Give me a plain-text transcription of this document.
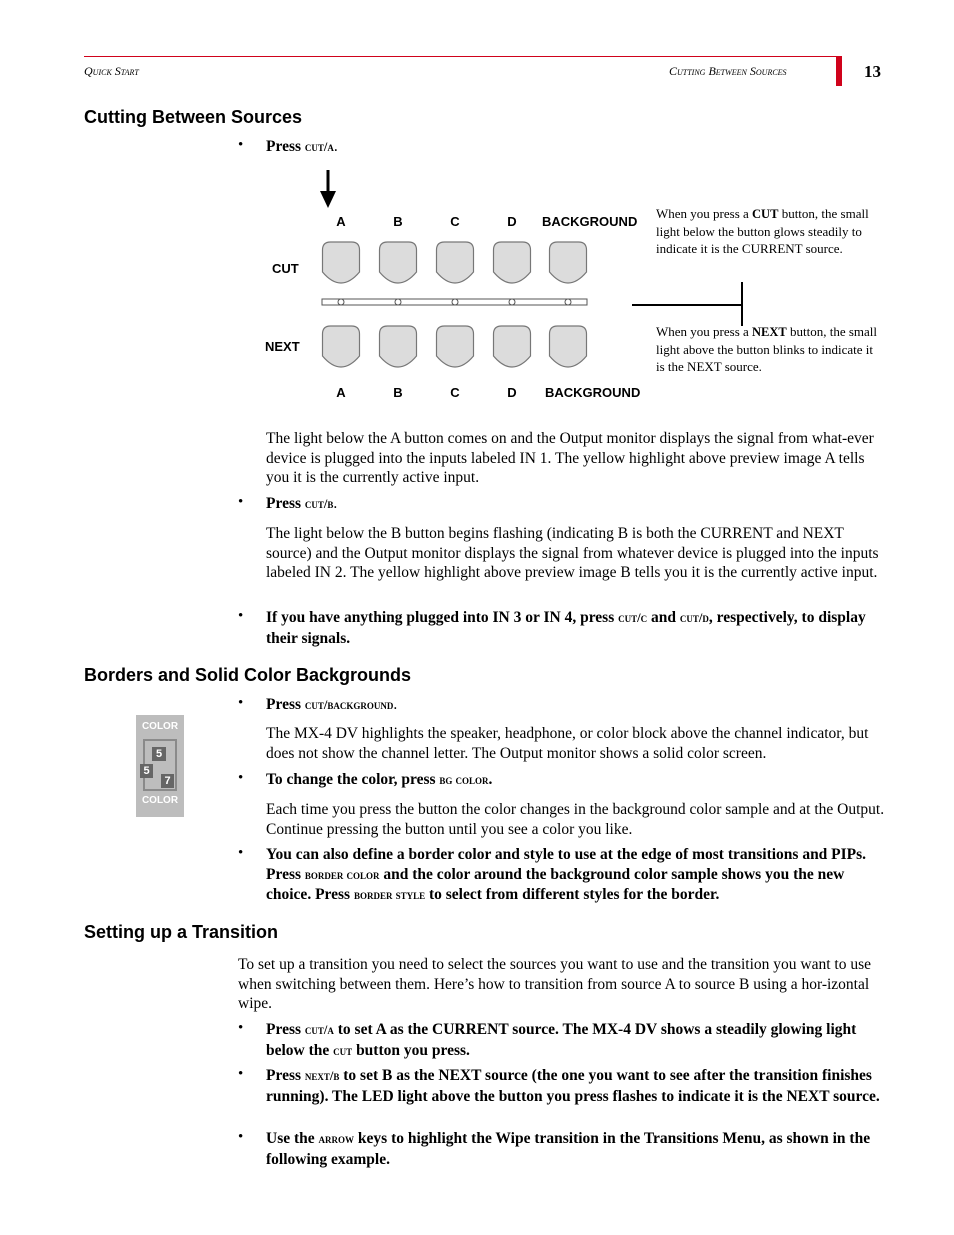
Quick Start	Cutting Between Sources	13
Cutting Between Sources
• Press cut/a.
A	B	C	D BACKGROUND
A	B	C	D BACKGROUND
CUT
NEXT
When you press a CUT button, the small light below the button glows steadily to indicate it is the CURRENT source.
When you press a NEXT button, the small light above the button blinks to indicate it is the NEXT source.
The light below the A button comes on and the Output monitor displays the signal from what-ever device is plugged into the inputs labeled IN 1. The yellow highlight above preview image A tells you it is the currently active input.
• Press cut/b.
The light below the B button begins flashing (indicating B is both the CURRENT and NEXT source) and the Output monitor displays the signal from whatever device is plugged into the inputs labeled IN 2. The yellow highlight above preview image B tells you it is the currently active input.
• If you have anything plugged into IN 3 or IN 4, press cut/c and cut/d, respectively, to display their signals.
Borders and Solid Color Backgrounds
• Press cut/background.
COLOR
5
5
7
COLOR
The MX-4 DV highlights the speaker, headphone, or color block above the channel indicator, but does not show the channel letter. The Output monitor shows a solid color screen.
• To change the color, press bg color.
Each time you press the button the color changes in the background color sample and at the Output. Continue pressing the button until you see a color you like.
• You can also define a border color and style to use at the edge of most transitions and PIPs. Press border color and the color around the background color sample shows you the new choice. Press border style to select from different styles for the border.
Setting up a Transition
To set up a transition you need to select the sources you want to use and the transition you want to use when switching between them. Here’s how to transition from source A to source B using a hor-izontal wipe.
• Press cut/a to set A as the CURRENT source. The MX-4 DV shows a steadily glowing light below the cut button you press.
• Press next/b to set B as the NEXT source (the one you want to see after the transition finishes running). The LED light above the button you press flashes to indicate it is the NEXT source.
• Use the arrow keys to highlight the Wipe transition in the Transitions Menu, as shown in the following example.
